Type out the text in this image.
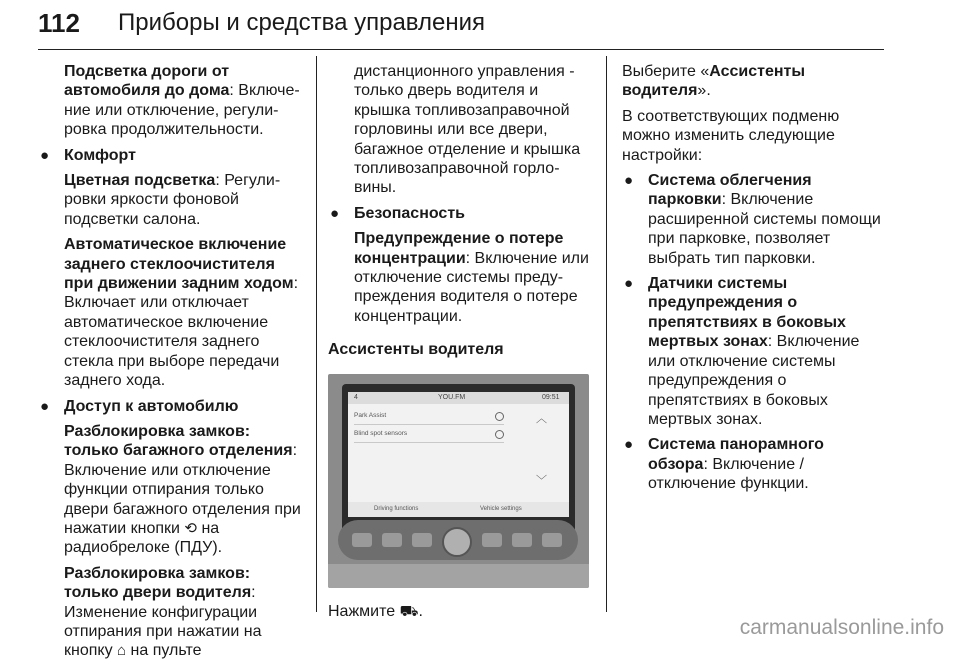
112 Приборы и средства управления
Подсветка дороги от автомобиля до дома: Включение или отключение, регулировка продолжительности.
● Комфорт
Цветная подсветка: Регулировки яркости фоновой подсветки салона.
Автоматическое включение заднего стеклоочистителя при движении задним ходом: Включает или отключает автоматическое включение стеклоочистителя заднего стекла при выборе передачи заднего хода.
● Доступ к автомобилю
Разблокировка замков: только багажного отделения: Включение или отключение функции отпирания только двери багажного отделения при нажатии кнопки ⟲ на радиобрелоке (ПДУ).
Разблокировка замков: только двери водителя: Изменение конфигурации отпирания при нажатии на кнопку ⌂ на пульте
дистанционного управления - только дверь водителя и крышка топливозаправочной горловины или все двери, багажное отделение и крышка топливозаправочной горловины.
● Безопасность
Предупреждение о потере концентрации: Включение или отключение системы предупреждения водителя о потере концентрации.
Ассистенты водителя
4	YOU.FM	09:51
Park Assist
Blind spot sensors
︿
﹀
Driving functions	Vehicle settings
Нажмите ⛟.

Выберите «Ассистенты водителя».

В соответствующих подменю можно изменить следующие настройки:

● Система облегчения парковки: Включение расширенной системы помощи при парковке, позволяет выбрать тип парковки.
● Датчики системы предупреждения о препятствиях в боковых мертвых зонах: Включение или отключение системы предупреждения о препятствиях в боковых мертвых зонах.
● Система панорамного обзора: Включение / отключение функции.
carmanualsonline.info
